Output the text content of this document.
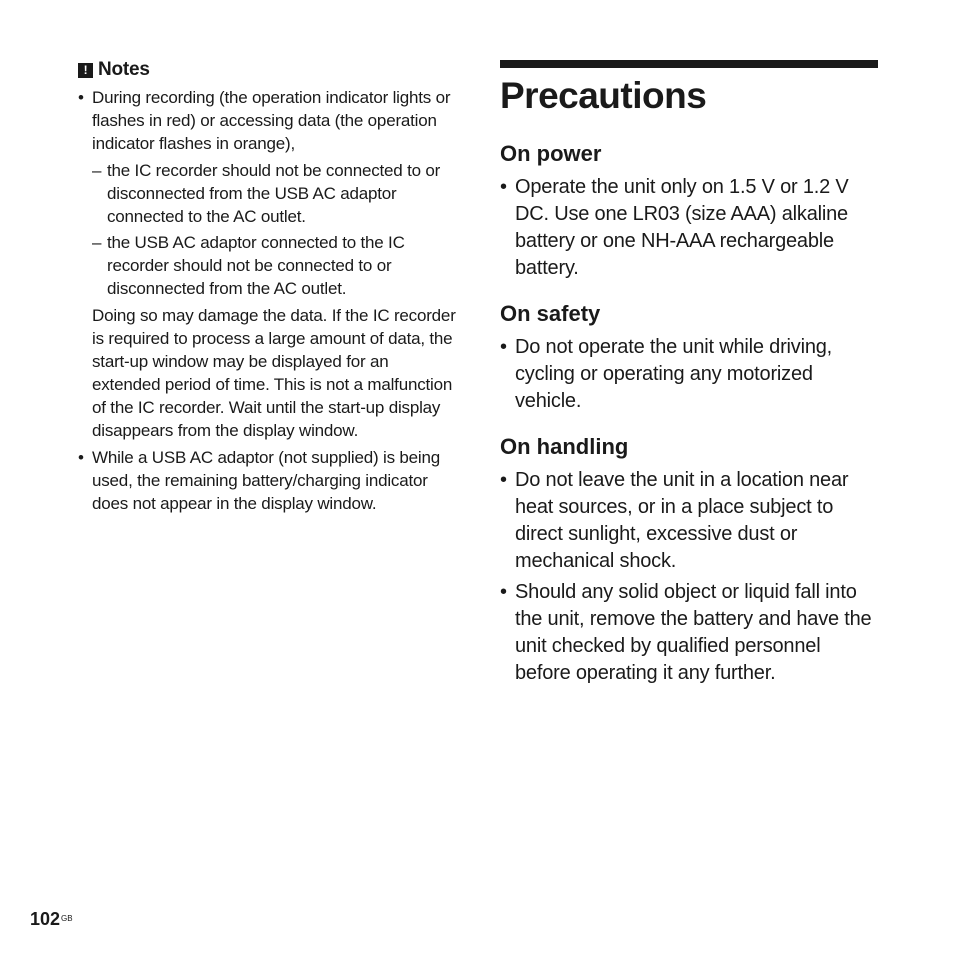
! Notes
• During recording (the operation indicator lights or flashes in red) or accessing data (the operation indicator flashes in orange),
– the IC recorder should not be connected to or disconnected from the USB AC adaptor connected to the AC outlet.
– the USB AC adaptor connected to the IC recorder should not be connected to or disconnected from the AC outlet.
Doing so may damage the data. If the IC recorder is required to process a large amount of data, the start-up window may be displayed for an extended period of time. This is not a malfunction of the IC recorder. Wait until the start-up display disappears from the display window.
• While a USB AC adaptor (not supplied) is being used, the remaining battery/charging indicator does not appear in the display window.
Precautions
On power
• Operate the unit only on 1.5 V or 1.2 V DC. Use one LR03 (size AAA) alkaline battery or one NH-AAA rechargeable battery.
On safety
• Do not operate the unit while driving, cycling or operating any motorized vehicle.
On handling
• Do not leave the unit in a location near heat sources, or in a place subject to direct sunlight, excessive dust or mechanical shock.
• Should any solid object or liquid fall into the unit, remove the battery and have the unit checked by qualified personnel before operating it any further.
$102^{GB}$
